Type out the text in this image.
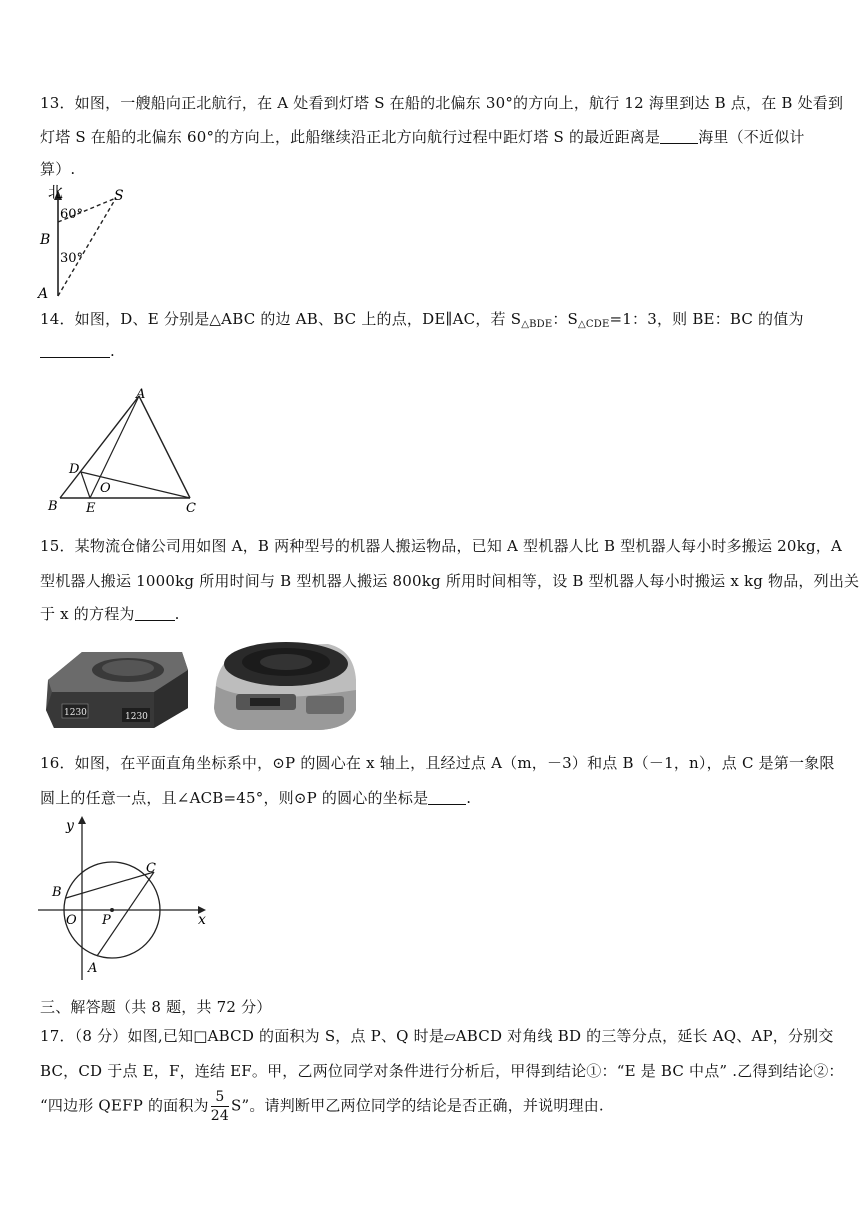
13．如图，一艘船向正北航行，在 A 处看到灯塔 S 在船的北偏东 30°的方向上，航行 12 海里到达 B 点，在 B 处看到
灯塔 S 在船的北偏东 60°的方向上，此船继续沿正北方向航行过程中距灯塔 S 的最近距离是	海里（不近似计
算）.
北	S
60°
B
30°
A
14．如图，D、E 分别是△ABC 的边 AB、BC 上的点，DE∥AC，若 $S_{\triangle BDE}$：$S_{\triangle CDE}=1$：3，则 BE：BC 的值为
.
A
D
O
B E	C
15．某物流仓储公司用如图 A，B 两种型号的机器人搬运物品，已知 A 型机器人比 B 型机器人每小时多搬运 20kg，A
型机器人搬运 1000kg 所用时间与 B 型机器人搬运 800kg 所用时间相等，设 B 型机器人每小时搬运 x kg 物品，列出关
于 x 的方程为	.
1230	1230
16．如图，在平面直角坐标系中，⊙P 的圆心在 x 轴上，且经过点 A（m，－3）和点 B（－1，n），点 C 是第一象限
圆上的任意一点，且∠ACB=45°，则⊙P 的圆心的坐标是	.
y
x
O P
B
C
A
三、解答题（共 8 题，共 72 分）
17．（8 分）如图,已知□ABCD 的面积为 S，点 P、Q 时是▱ABCD 对角线 BD 的三等分点，延长 AQ、AP，分别交
BC，CD 于点 E，F，连结 EF。甲，乙两位同学对条件进行分析后，甲得到结论①：“E 是 BC 中点” .乙得到结论②：
“四边形 QEFP 的面积为 $\frac{5}{24} S$”。请判断甲乙两位同学的结论是否正确，并说明理由.
